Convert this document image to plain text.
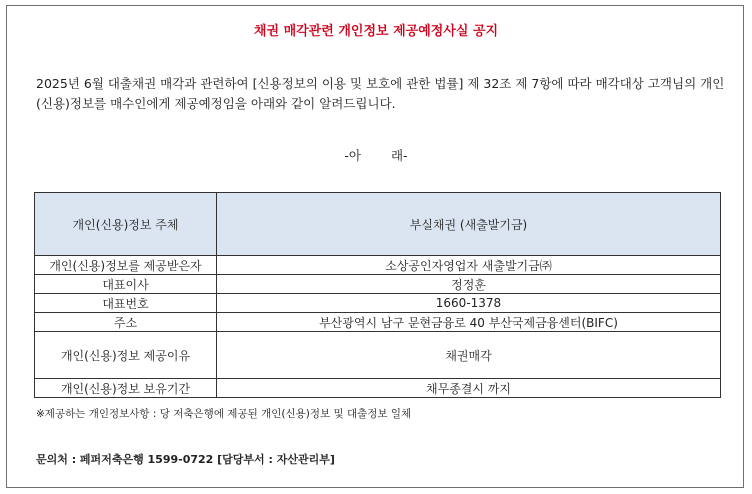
채권 매각관련 개인정보 제공예정사실 공지
2025년 6월 대출채권 매각과 관련하여 [신용정보의 이용 및 보호에 관한 법률] 제 32조 제 7항에 따라 매각대상 고객님의 개인(신용)정보를 매수인에게 제공예정임을 아래와 같이 알려드립니다.
-아 래-
개인(신용)정보 주체	부실채권 (새출발기금)
개인(신용)정보를 제공받은자	소상공인자영업자 새출발기금㈜
대표이사	정정훈
대표번호	1660-1378
주소	부산광역시 남구 문현금융로 40 부산국제금융센터(BIFC)
개인(신용)정보 제공이유	채권매각
개인(신용)정보 보유기간	채무종결시 까지
※제공하는 개인정보사항 : 당 저축은행에 제공된 개인(신용)정보 및 대출정보 일체
문의처 : 페퍼저축은행 1599-0722 [담당부서 : 자산관리부]
